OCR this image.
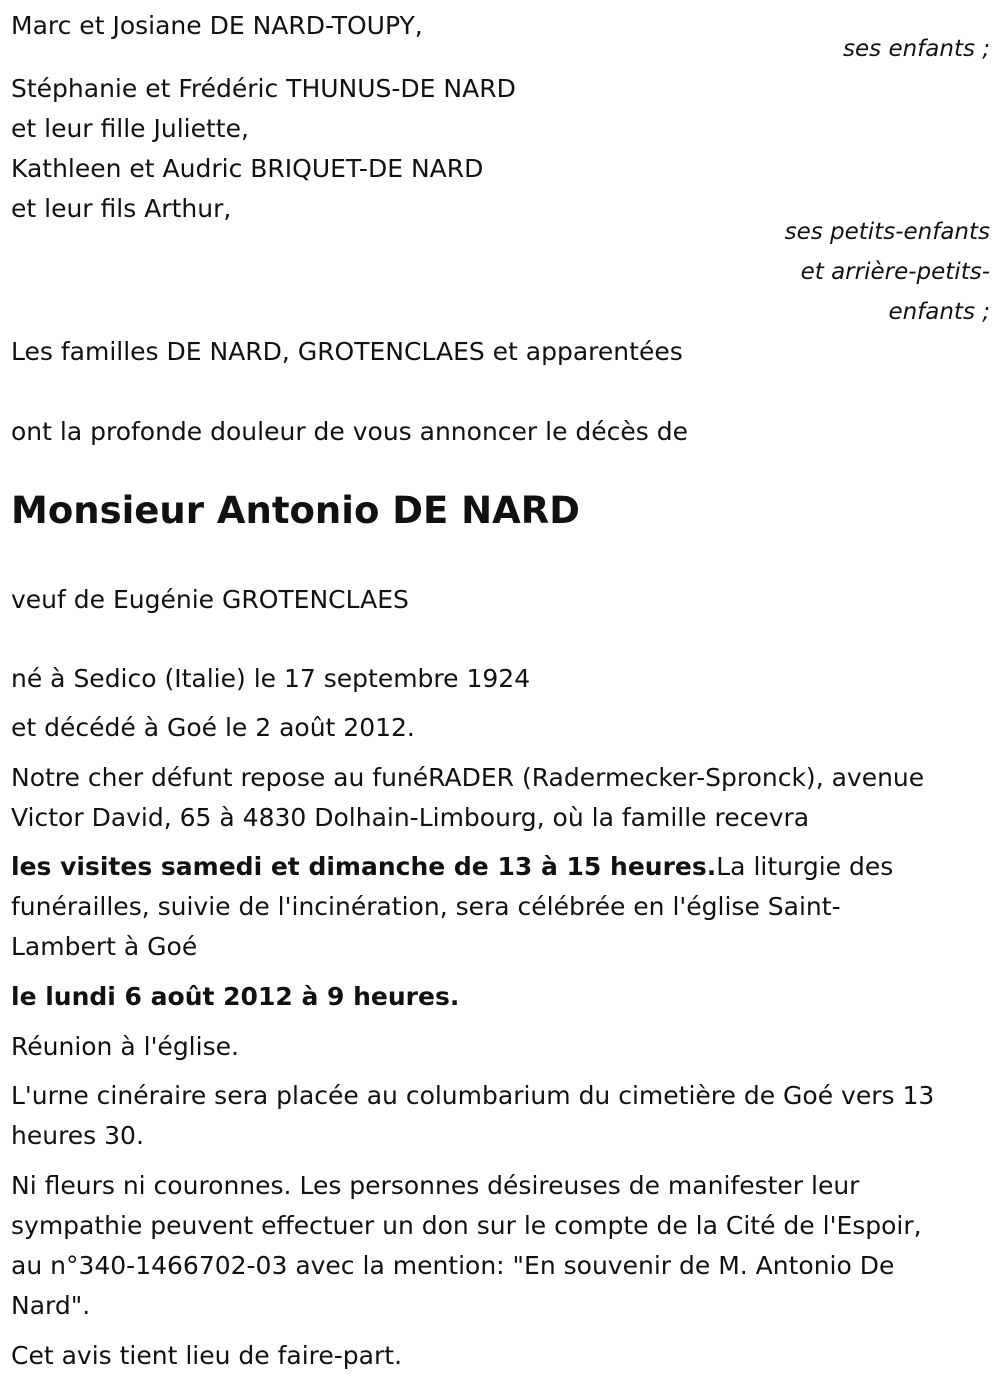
Marc et Josiane DE NARD-TOUPY,
ses enfants ;
Stéphanie et Frédéric THUNUS-DE NARD
et leur fille Juliette,
Kathleen et Audric BRIQUET-DE NARD
et leur fils Arthur,
ses petits-enfants
et arrière-petits-
enfants ;
Les familles DE NARD, GROTENCLAES et apparentées
ont la profonde douleur de vous annoncer le décès de
Monsieur Antonio DE NARD
veuf de Eugénie GROTENCLAES
né à Sedico (Italie) le 17 septembre 1924
et décédé à Goé le 2 août 2012.
Notre cher défunt repose au funéRADER (Radermecker-Spronck), avenue
Victor David, 65 à 4830 Dolhain-Limbourg, où la famille recevra
les visites samedi et dimanche de 13 à 15 heures.La liturgie des
funérailles, suivie de l'incinération, sera célébrée en l'église Saint-
Lambert à Goé
le lundi 6 août 2012 à 9 heures.
Réunion à l'église.
L'urne cinéraire sera placée au columbarium du cimetière de Goé vers 13
heures 30.
Ni fleurs ni couronnes. Les personnes désireuses de manifester leur
sympathie peuvent effectuer un don sur le compte de la Cité de l'Espoir,
au n°340-1466702-03 avec la mention: "En souvenir de M. Antonio De
Nard".
Cet avis tient lieu de faire-part.
